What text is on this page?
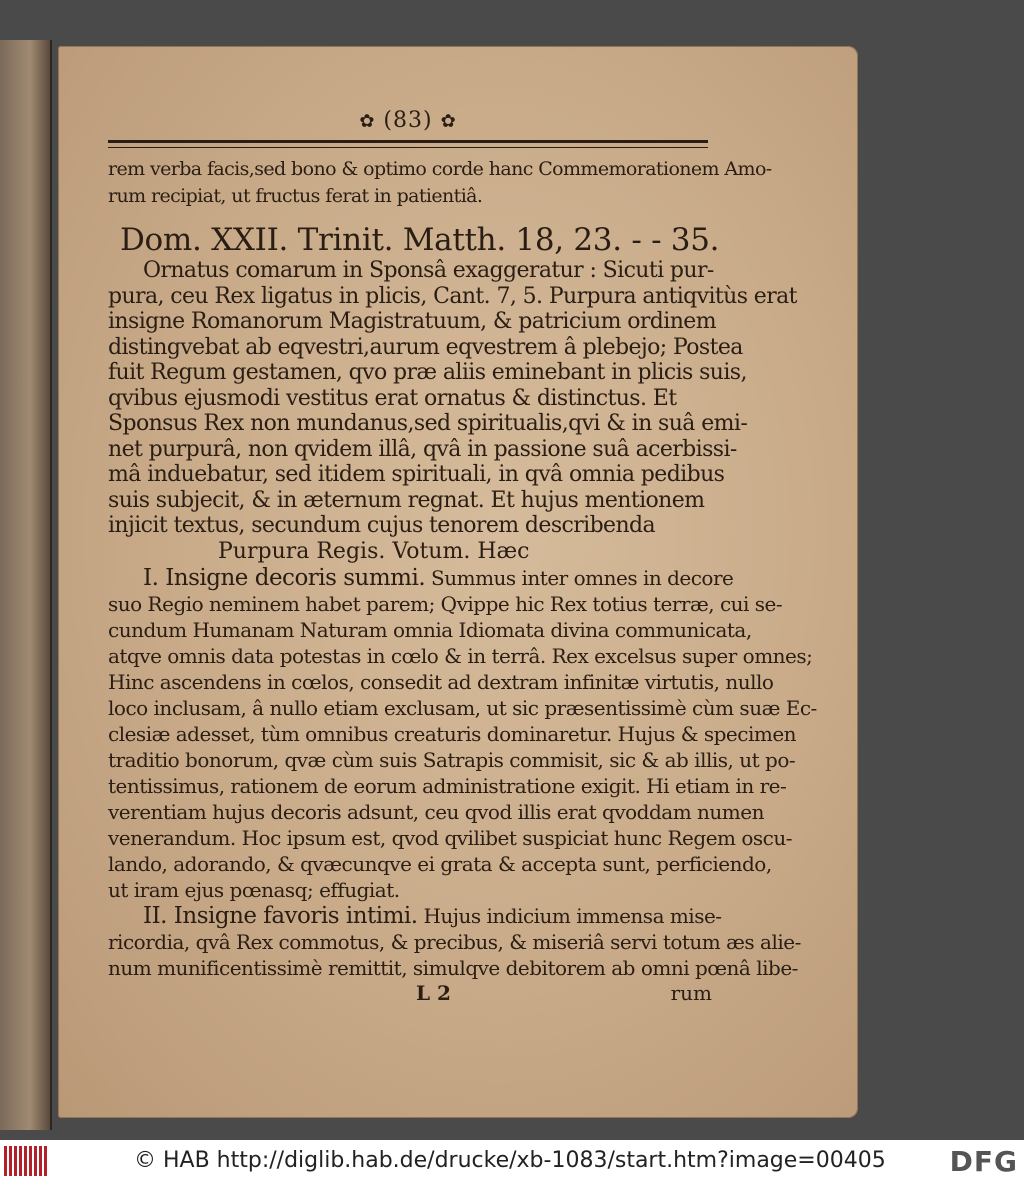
✿ (83) ✿
rem verba facis,sed bono & optimo corde hanc Commemorationem Amo-
rum recipiat, ut fructus ferat in patientiâ.
Dom. XXII. Trinit. Matth. 18, 23. - - 35.
Ornatus comarum in Sponsâ exaggeratur : Sicuti pur-
pura, ceu Rex ligatus in plicis, Cant. 7, 5. Purpura antiqvitùs erat
insigne Romanorum Magistratuum, & patricium ordinem
distingvebat ab eqvestri,aurum eqvestrem â plebejo; Postea
fuit Regum gestamen, qvo præ aliis eminebant in plicis suis,
qvibus ejusmodi vestitus erat ornatus & distinctus. Et
Sponsus Rex non mundanus,sed spiritualis,qvi & in suâ emi-
net purpurâ, non qvidem illâ, qvâ in passione suâ acerbissi-
mâ induebatur, sed itidem spirituali, in qvâ omnia pedibus
suis subjecit, & in æternum regnat. Et hujus mentionem
injicit textus, secundum cujus tenorem describenda
Purpura Regis. Votum. Hæc
I. Insigne decoris summi. Summus inter omnes in decore
suo Regio neminem habet parem; Qvippe hic Rex totius terræ, cui se-
cundum Humanam Naturam omnia Idiomata divina communicata,
atqve omnis data potestas in cœlo & in terrâ. Rex excelsus super omnes;
Hinc ascendens in cœlos, consedit ad dextram infinitæ virtutis, nullo
loco inclusam, â nullo etiam exclusam, ut sic præsentissimè cùm suæ Ec-
clesiæ adesset, tùm omnibus creaturis dominaretur. Hujus & specimen
traditio bonorum, qvæ cùm suis Satrapis commisit, sic & ab illis, ut po-
tentissimus, rationem de eorum administratione exigit. Hi etiam in re-
verentiam hujus decoris adsunt, ceu qvod illis erat qvoddam numen
venerandum. Hoc ipsum est, qvod qvilibet suspiciat hunc Regem oscu-
lando, adorando, & qvæcunqve ei grata & accepta sunt, perficiendo,
ut iram ejus pœnasq; effugiat.
II. Insigne favoris intimi. Hujus indicium immensa mise-
ricordia, qvâ Rex commotus, & precibus, & miseriâ servi totum æs alie-
num munificentissimè remittit, simulqve debitorem ab omni pœnâ libe-
L 2	rum
© HAB http://diglib.hab.de/drucke/xb-1083/start.htm?image=00405 DFG
